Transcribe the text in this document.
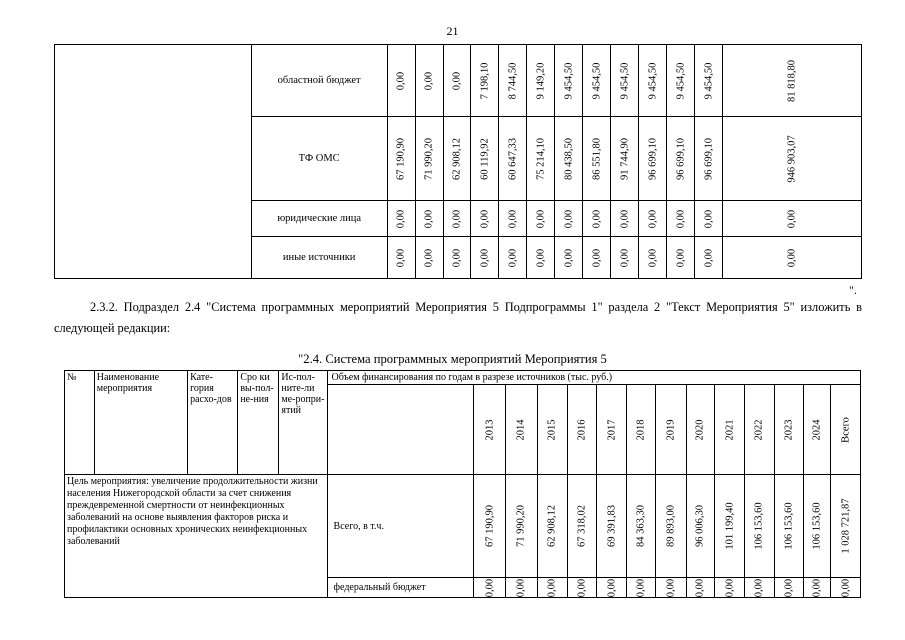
21
	областной бюджет	0,00	0,00	0,00	7 198,10	8 744,50	9 149,20	9 454,50	9 454,50	9 454,50	9 454,50	9 454,50	9 454,50	81 818,80

	ТФ ОМС	67 190,90	71 990,20	62 908,12	60 119,92	60 647,33	75 214,10	80 438,50	86 551,80	91 744,90	96 699,10	96 699,10	96 699,10	946 903,07

	юридические лица	0,00	0,00	0,00	0,00	0,00	0,00	0,00	0,00	0,00	0,00	0,00	0,00	0,00

	иные источники	0,00	0,00	0,00	0,00	0,00	0,00	0,00	0,00	0,00	0,00	0,00	0,00	0,00
".

2.3.2. Подраздел 2.4 "Система программных мероприятий Мероприятия 5 Подпрограммы 1" раздела 2 "Текст Мероприятия 5" изложить в следующей редакции:

"2.4. Система программных мероприятий Мероприятия 5
№	Наименование мероприятия	Кате-гория расхо-дов	Сро ки вы-пол-не-ния	Ис-пол-ните-ли ме-ропри-ятий	Объем финансирования по годам в разрезе источников (тыс. руб.)													

						2013	2014	2015	2016	2017	2018	2019	2020	2021	2022	2023	2024	Всего

Цель мероприятия: увеличение продолжительности жизни населения Нижегородской области за счет снижения преждевременной смертности от неинфекционных заболеваний на основе выявления факторов риска и профилактики основных хронических неинфекционных заболеваний					Всего, в т.ч.	67 190,90	71 990,20	62 908,12	67 318,02	69 391,83	84 363,30	89 893,00	96 006,30	101 199,40	106 153,60	106 153,60	106 153,60	1 028 721,87

					федеральный бюджет	0,00	0,00	0,00	0,00	0,00	0,00	0,00	0,00	0,00	0,00	0,00	0,00	0,00
